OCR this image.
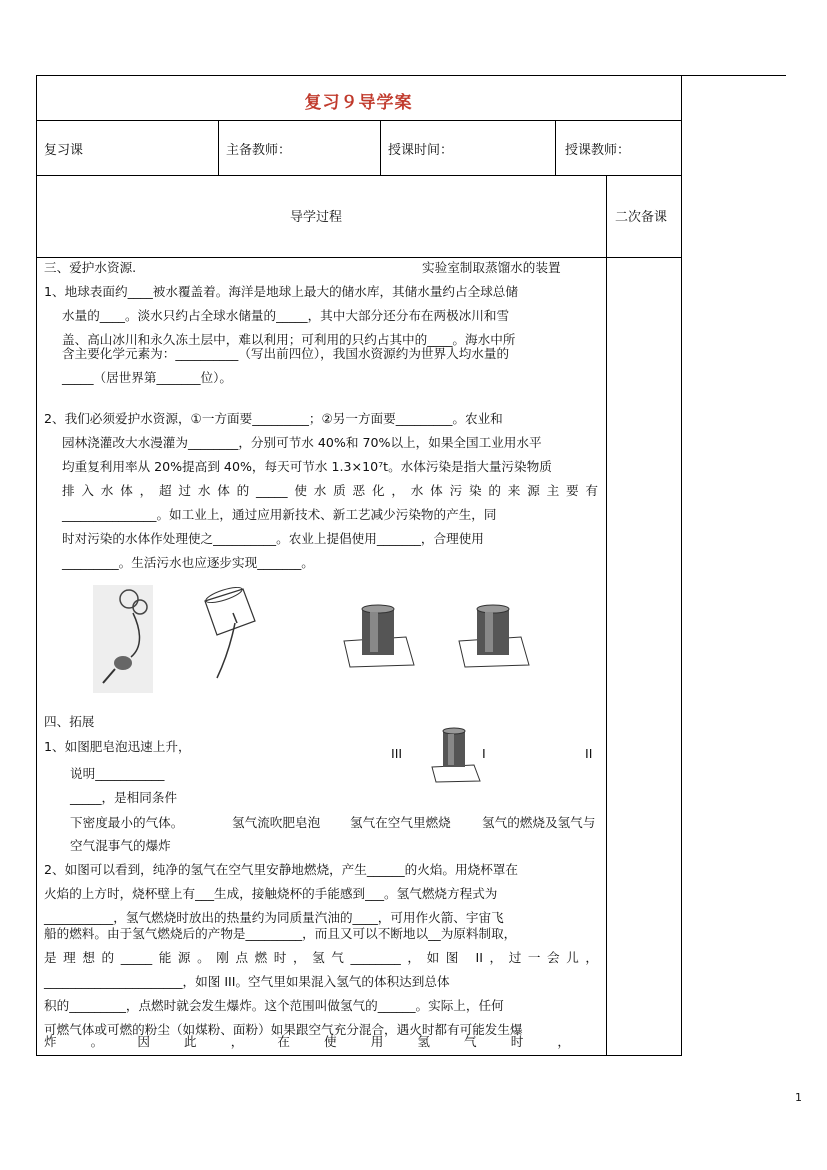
复习９导学案
复习课	主备教师：	授课时间：	授课教师：
导学过程	二次备课
三、爱护水资源.	实验室制取蒸馏水的装置
1、地球表面约____被水覆盖着。海洋是地球上最大的储水库，其储水量约占全球总储
水量的____。淡水只约占全球水储量的_____，其中大部分还分布在两极冰川和雪
盖、高山冰川和永久冻土层中，难以利用；可利用的只约占其中的____。海水中所
含主要化学元素为：__________（写出前四位），我国水资源约为世界人均水量的
_____（居世界第_______位）。
2、我们必须爱护水资源，①一方面要_________；②另一方面要_________。农业和
园林浇灌改大水漫灌为________，分别可节水 40%和 70%以上，如果全国工业用水平
均重复利用率从 20%提高到 40%，每天可节水 1.3×10⁷t。水体污染是指大量污染物质
排入水体，超过水体的_____使水质恶化，水体污染的来源主要有
_______________。如工业上，通过应用新技术、新工艺减少污染物的产生，同
时对污染的水体作处理使之__________。农业上提倡使用_______，合理使用
_________。生活污水也应逐步实现_______。
四、拓展
1、如图肥皂泡迅速上升，
说明___________
_____，是相同条件
下密度最小的气体。
III	I	II
氢气流吹肥皂泡 氢气在空气里燃烧 氢气的燃烧及氢气与
空气混事气的爆炸
2、如图可以看到，纯净的氢气在空气里安静地燃烧，产生______的火焰。用烧杯罩在
火焰的上方时，烧杯壁上有___生成，接触烧杯的手能感到___。氢气燃烧方程式为
___________，氢气燃烧时放出的热量约为同质量汽油的____，可用作火箭、宇宙飞
船的燃料。由于氢气燃烧后的产物是_________，而且又可以不断地以__为原料制取，
是理想的_____能源。刚点燃时，氢气________，如图 II，过一会儿，
______________________，如图 III。空气里如果混入氢气的体积达到总体
积的_________，点燃时就会发生爆炸。这个范围叫做氢气的______。实际上，任何
可燃气体或可燃的粉尘（如煤粉、面粉）如果跟空气充分混合，遇火时都有可能发生爆
炸。因此，在使用氢气时，
1
